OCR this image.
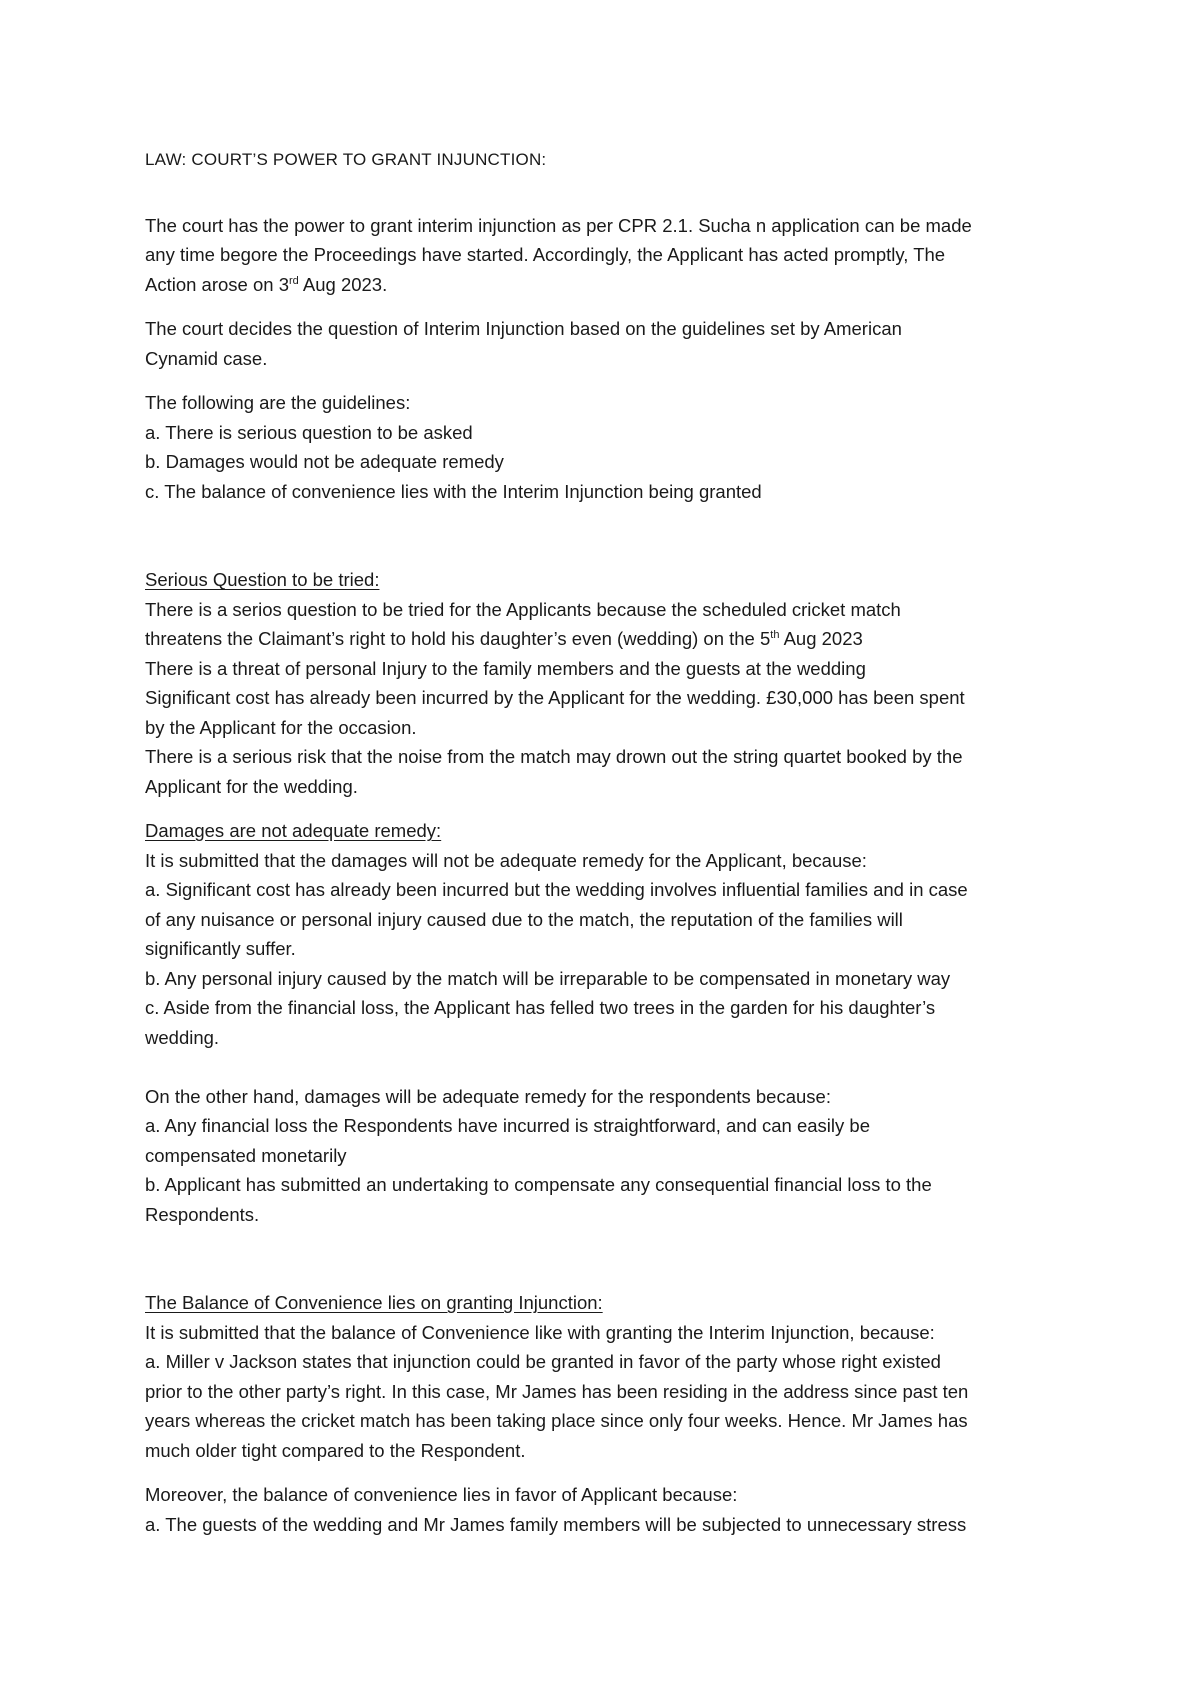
LAW: COURT’S POWER TO GRANT INJUNCTION:

The court has the power to grant interim injunction as per CPR 2.1. Sucha n application can be made
any time begore the Proceedings have started. Accordingly, the Applicant has acted promptly, The
Action arose on 3rd Aug 2023.
The court decides the question of Interim Injunction based on the guidelines set by American
Cynamid case.
The following are the guidelines:
a. There is serious question to be asked
b. Damages would not be adequate remedy
c. The balance of convenience lies with the Interim Injunction being granted
Serious Question to be tried:
There is a serios question to be tried for the Applicants because the scheduled cricket match
threatens the Claimant’s right to hold his daughter’s even (wedding) on the 5th Aug 2023
There is a threat of personal Injury to the family members and the guests at the wedding
Significant cost has already been incurred by the Applicant for the wedding. £30,000 has been spent
by the Applicant for the occasion.
There is a serious risk that the noise from the match may drown out the string quartet booked by the
Applicant for the wedding.
Damages are not adequate remedy:
It is submitted that the damages will not be adequate remedy for the Applicant, because:
a. Significant cost has already been incurred but the wedding involves influential families and in case
of any nuisance or personal injury caused due to the match, the reputation of the families will
significantly suffer.
b. Any personal injury caused by the match will be irreparable to be compensated in monetary way
c. Aside from the financial loss, the Applicant has felled two trees in the garden for his daughter’s
wedding.
On the other hand, damages will be adequate remedy for the respondents because:
a. Any financial loss the Respondents have incurred is straightforward, and can easily be
compensated monetarily
b. Applicant has submitted an undertaking to compensate any consequential financial loss to the
Respondents.
The Balance of Convenience lies on granting Injunction:
It is submitted that the balance of Convenience like with granting the Interim Injunction, because:
a. Miller v Jackson states that injunction could be granted in favor of the party whose right existed
prior to the other party’s right. In this case, Mr James has been residing in the address since past ten
years whereas the cricket match has been taking place since only four weeks. Hence. Mr James has
much older tight compared to the Respondent.
Moreover, the balance of convenience lies in favor of Applicant because:
a. The guests of the wedding and Mr James family members will be subjected to unnecessary stress
